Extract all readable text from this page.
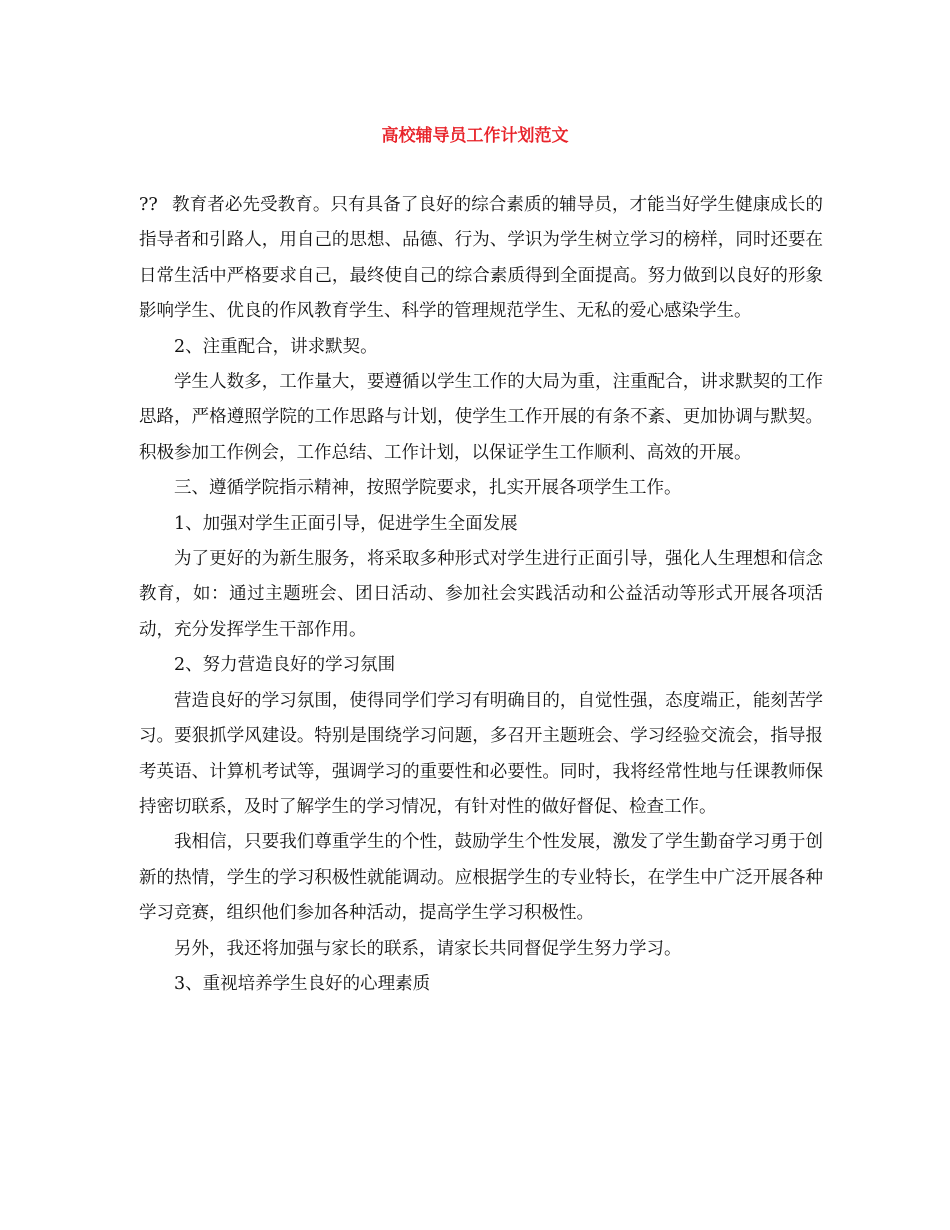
高校辅导员工作计划范文

?? 教育者必先受教育。只有具备了良好的综合素质的辅导员，才能当好学生健康成长的指导者和引路人，用自己的思想、品德、行为、学识为学生树立学习的榜样，同时还要在日常生活中严格要求自己，最终使自己的综合素质得到全面提高。努力做到以良好的形象影响学生、优良的作风教育学生、科学的管理规范学生、无私的爱心感染学生。

2、注重配合，讲求默契。

学生人数多，工作量大，要遵循以学生工作的大局为重，注重配合，讲求默契的工作思路，严格遵照学院的工作思路与计划，使学生工作开展的有条不紊、更加协调与默契。积极参加工作例会，工作总结、工作计划，以保证学生工作顺利、高效的开展。

三、遵循学院指示精神，按照学院要求，扎实开展各项学生工作。

1、加强对学生正面引导，促进学生全面发展

为了更好的为新生服务，将采取多种形式对学生进行正面引导，强化人生理想和信念教育，如：通过主题班会、团日活动、参加社会实践活动和公益活动等形式开展各项活动，充分发挥学生干部作用。

2、努力营造良好的学习氛围

营造良好的学习氛围，使得同学们学习有明确目的，自觉性强，态度端正，能刻苦学习。要狠抓学风建设。特别是围绕学习问题，多召开主题班会、学习经验交流会，指导报考英语、计算机考试等，强调学习的重要性和必要性。同时，我将经常性地与任课教师保持密切联系，及时了解学生的学习情况，有针对性的做好督促、检查工作。

我相信，只要我们尊重学生的个性，鼓励学生个性发展，激发了学生勤奋学习勇于创新的热情，学生的学习积极性就能调动。应根据学生的专业特长，在学生中广泛开展各种学习竞赛，组织他们参加各种活动，提高学生学习积极性。

另外，我还将加强与家长的联系，请家长共同督促学生努力学习。

3、重视培养学生良好的心理素质
